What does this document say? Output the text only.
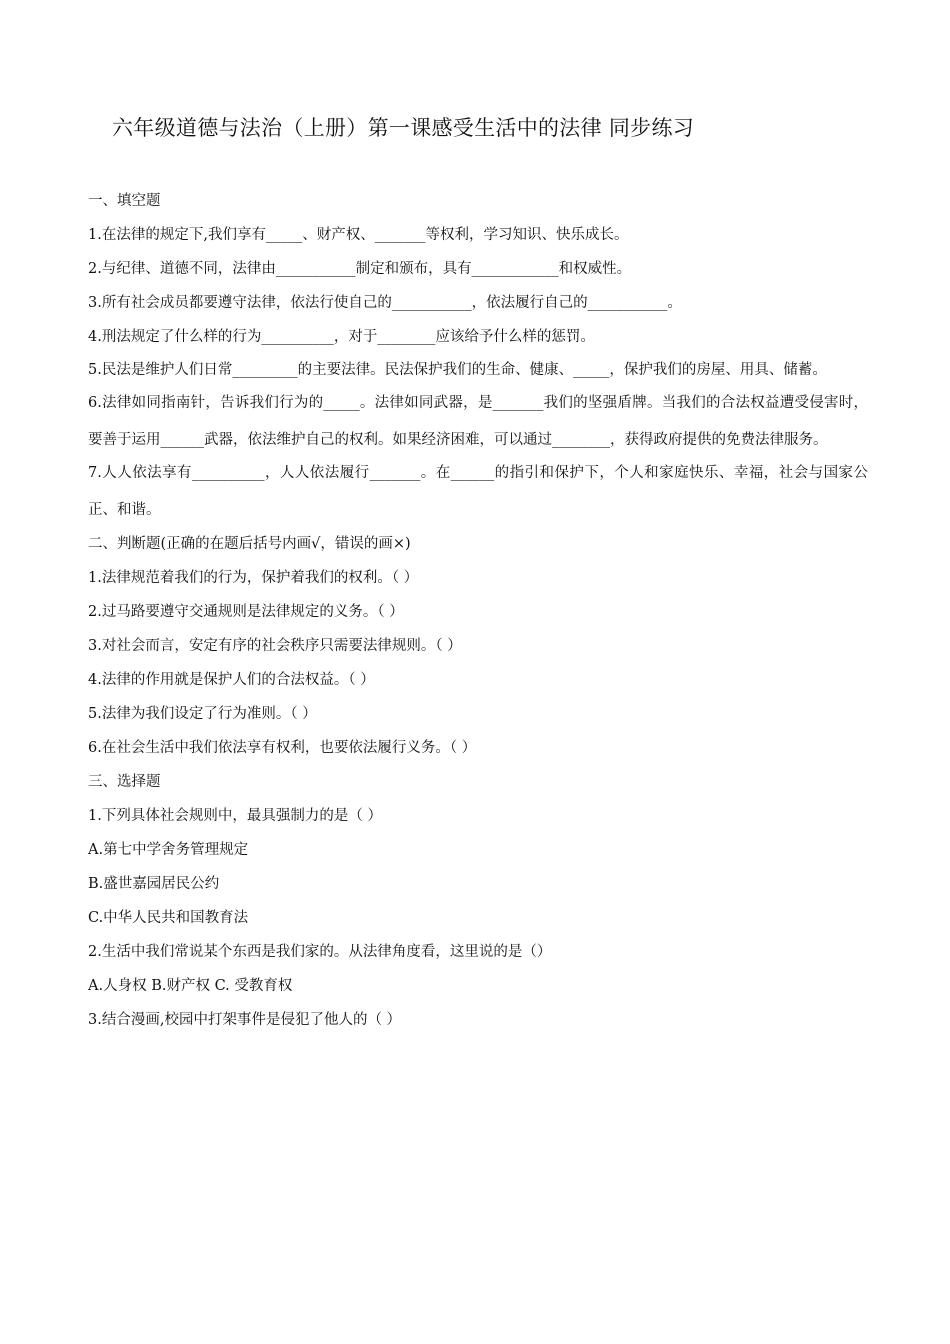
六年级道德与法治（上册）第一课感受生活中的法律 同步练习
一、填空题
1.在法律的规定下,我们享有_____、财产权、_______等权利，学习知识、快乐成长。
2.与纪律、道德不同，法律由___________制定和颁布，具有____________和权威性。
3.所有社会成员都要遵守法律，依法行使自己的___________，依法履行自己的___________。
4.刑法规定了什么样的行为__________，对于________应该给予什么样的惩罚。
5.民法是维护人们日常_________的主要法律。民法保护我们的生命、健康、_____，保护我们的房屋、用具、储蓄。
6.法律如同指南针，告诉我们行为的_____。法律如同武器，是_______我们的坚强盾牌。当我们的合法权益遭受侵害时，要善于运用______武器，依法维护自己的权利。如果经济困难，可以通过________，获得政府提供的免费法律服务。
7.人人依法享有__________，人人依法履行_______。在______的指引和保护下，个人和家庭快乐、幸福，社会与国家公正、和谐。
二、判断题(正确的在题后括号内画√，错误的画×)
1.法律规范着我们的行为，保护着我们的权利。（ ）
2.过马路要遵守交通规则是法律规定的义务。（ ）
3.对社会而言，安定有序的社会秩序只需要法律规则。（ ）
4.法律的作用就是保护人们的合法权益。（ ）
5.法律为我们设定了行为准则。（ ）
6.在社会生活中我们依法享有权利，也要依法履行义务。（ ）
三、选择题
1.下列具体社会规则中，最具强制力的是（ ）
A.第七中学舍务管理规定
B.盛世嘉园居民公约
C.中华人民共和国教育法
2.生活中我们常说某个东西是我们家的。从法律角度看，这里说的是（）
A.人身权 B.财产权 C. 受教育权
3.结合漫画,校园中打架事件是侵犯了他人的（ ）
